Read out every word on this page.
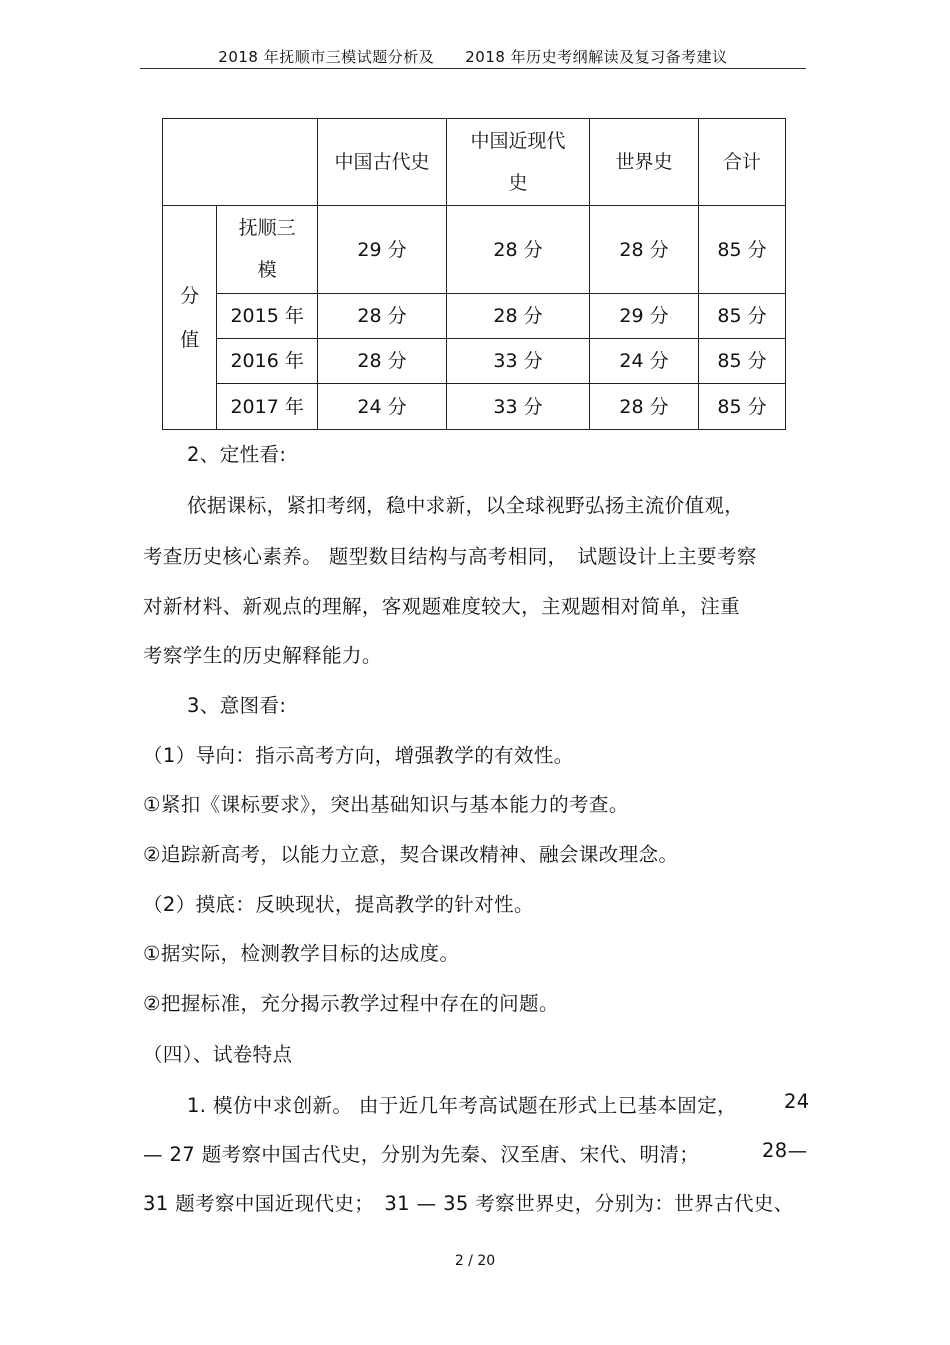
2018 年抚顺市三模试题分析及　　2018 年历史考纲解读及复习备考建议
		中国古代史	中国近现代史	世界史	合计
分值	抚顺三模	29 分	28 分	28 分	85 分
	2015 年	28 分	28 分	29 分	85 分
	2016 年	28 分	33 分	24 分	85 分
	2017 年	24 分	33 分	28 分	85 分
2、定性看:
依据课标，紧扣考纲，稳中求新，以全球视野弘扬主流价值观，
考查历史核心素养。 题型数目结构与高考相同，　试题设计上主要考察
对新材料、新观点的理解，客观题难度较大，主观题相对简单，注重
考察学生的历史解释能力。
3、意图看:
（1）导向：指示高考方向，增强教学的有效性。
①紧扣《课标要求》，突出基础知识与基本能力的考查。
②追踪新高考，以能力立意，契合课改精神、融会课改理念。
（2）摸底：反映现状，提高教学的针对性。
①据实际，检测教学目标的达成度。
②把握标准，充分揭示教学过程中存在的问题。
（四）、试卷特点
1. 模仿中求创新。 由于近几年考高试题在形式上已基本固定， 24
— 27 题考察中国古代史，分别为先秦、汉至唐、宋代、明清；	28—
31 题考察中国近现代史；　31 — 35 考察世界史，分别为：世界古代史、
2 / 20
